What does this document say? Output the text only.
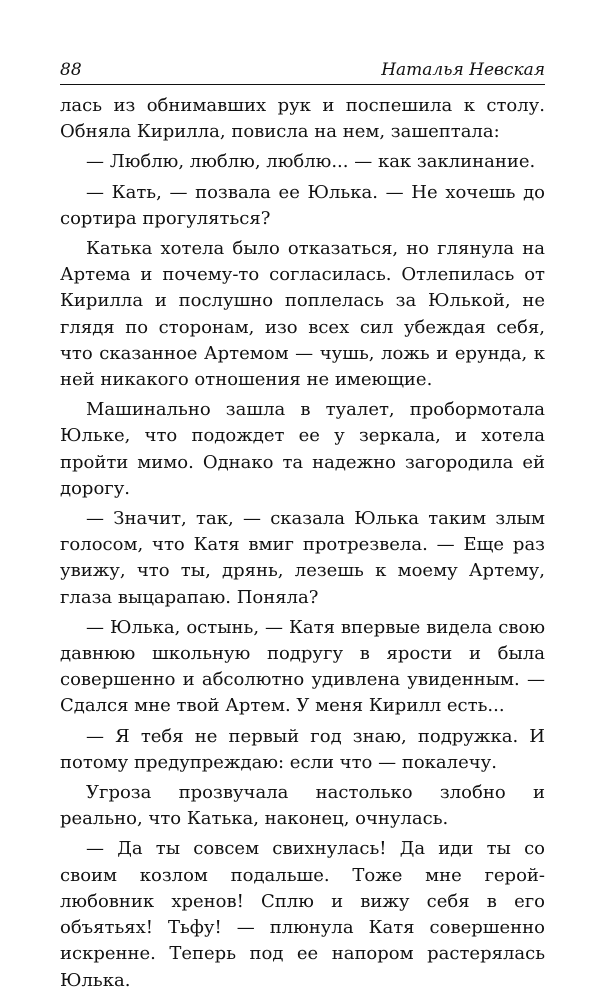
88	Наталья Невская

лась из обнимавших рук и поспешила к столу. Обняла Кирилла, повисла на нем, зашептала:

— Люблю, люблю, люблю... — как заклинание.

— Кать, — позвала ее Юлька. — Не хочешь до сортира прогуляться?

Катька хотела было отказаться, но глянула на Артема и почему-то согласилась. Отлепилась от Кирилла и послушно поплелась за Юлькой, не глядя по сторонам, изо всех сил убеждая себя, что сказанное Артемом — чушь, ложь и ерунда, к ней никакого отношения не имеющие.

Машинально зашла в туалет, пробормотала Юльке, что подождет ее у зеркала, и хотела пройти мимо. Однако та надежно загородила ей дорогу.

— Значит, так, — сказала Юлька таким злым голосом, что Катя вмиг протрезвела. — Еще раз увижу, что ты, дрянь, лезешь к моему Артему, глаза выцарапаю. Поняла?

— Юлька, остынь, — Катя впервые видела свою давнюю школьную подругу в ярости и была совершенно и абсолютно удивлена увиденным. — Сдался мне твой Артем. У меня Кирилл есть...

— Я тебя не первый год знаю, подружка. И потому предупреждаю: если что — покалечу.

Угроза прозвучала настолько злобно и реально, что Катька, наконец, очнулась.

— Да ты совсем свихнулась! Да иди ты со своим козлом подальше. Тоже мне герой-любовник хренов! Сплю и вижу себя в его объятьях! Тьфу! — плюнула Катя совершенно искренне. Теперь под ее напором растерялась Юлька.
